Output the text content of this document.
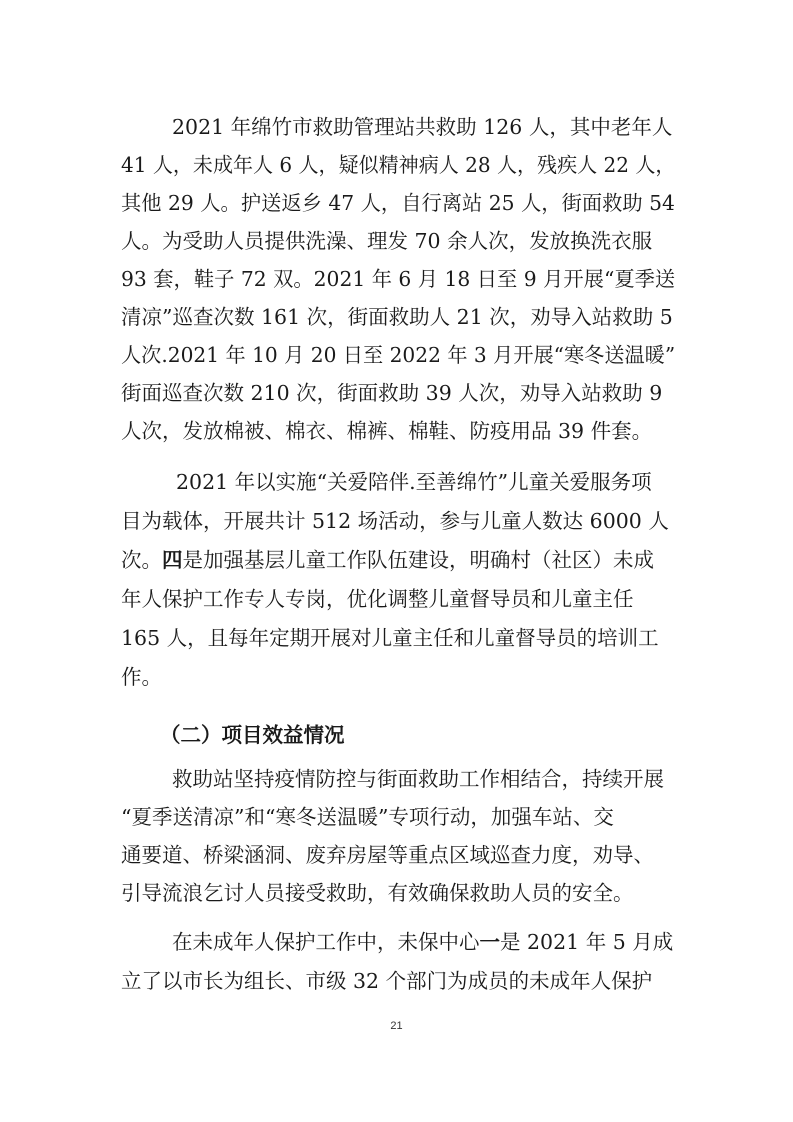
2021 年绵竹市救助管理站共救助 126 人，其中老年人
41 人，未成年人 6 人，疑似精神病人 28 人，残疾人 22 人，
其他 29 人。护送返乡 47 人，自行离站 25 人，街面救助 54
人。为受助人员提供洗澡、理发 70 余人次，发放换洗衣服
93 套，鞋子 72 双。2021 年 6 月 18 日至 9 月开展“夏季送
清凉”巡查次数 161 次，街面救助人 21 次，劝导入站救助 5
人次.2021 年 10 月 20 日至 2022 年 3 月开展“寒冬送温暖”
街面巡查次数 210 次，街面救助 39 人次，劝导入站救助 9
人次，发放棉被、棉衣、棉裤、棉鞋、防疫用品 39 件套。
2021 年以实施“关爱陪伴.至善绵竹”儿童关爱服务项
目为载体，开展共计 512 场活动，参与儿童人数达 6000 人
次。四是加强基层儿童工作队伍建设，明确村（社区）未成
年人保护工作专人专岗，优化调整儿童督导员和儿童主任
165 人，且每年定期开展对儿童主任和儿童督导员的培训工
作。
（二）项目效益情况
救助站坚持疫情防控与街面救助工作相结合，持续开展
“夏季送清凉”和“寒冬送温暖”专项行动，加强车站、交
通要道、桥梁涵洞、废弃房屋等重点区域巡查力度，劝导、
引导流浪乞讨人员接受救助，有效确保救助人员的安全。
在未成年人保护工作中，未保中心一是 2021 年 5 月成
立了以市长为组长、市级 32 个部门为成员的未成年人保护
21
